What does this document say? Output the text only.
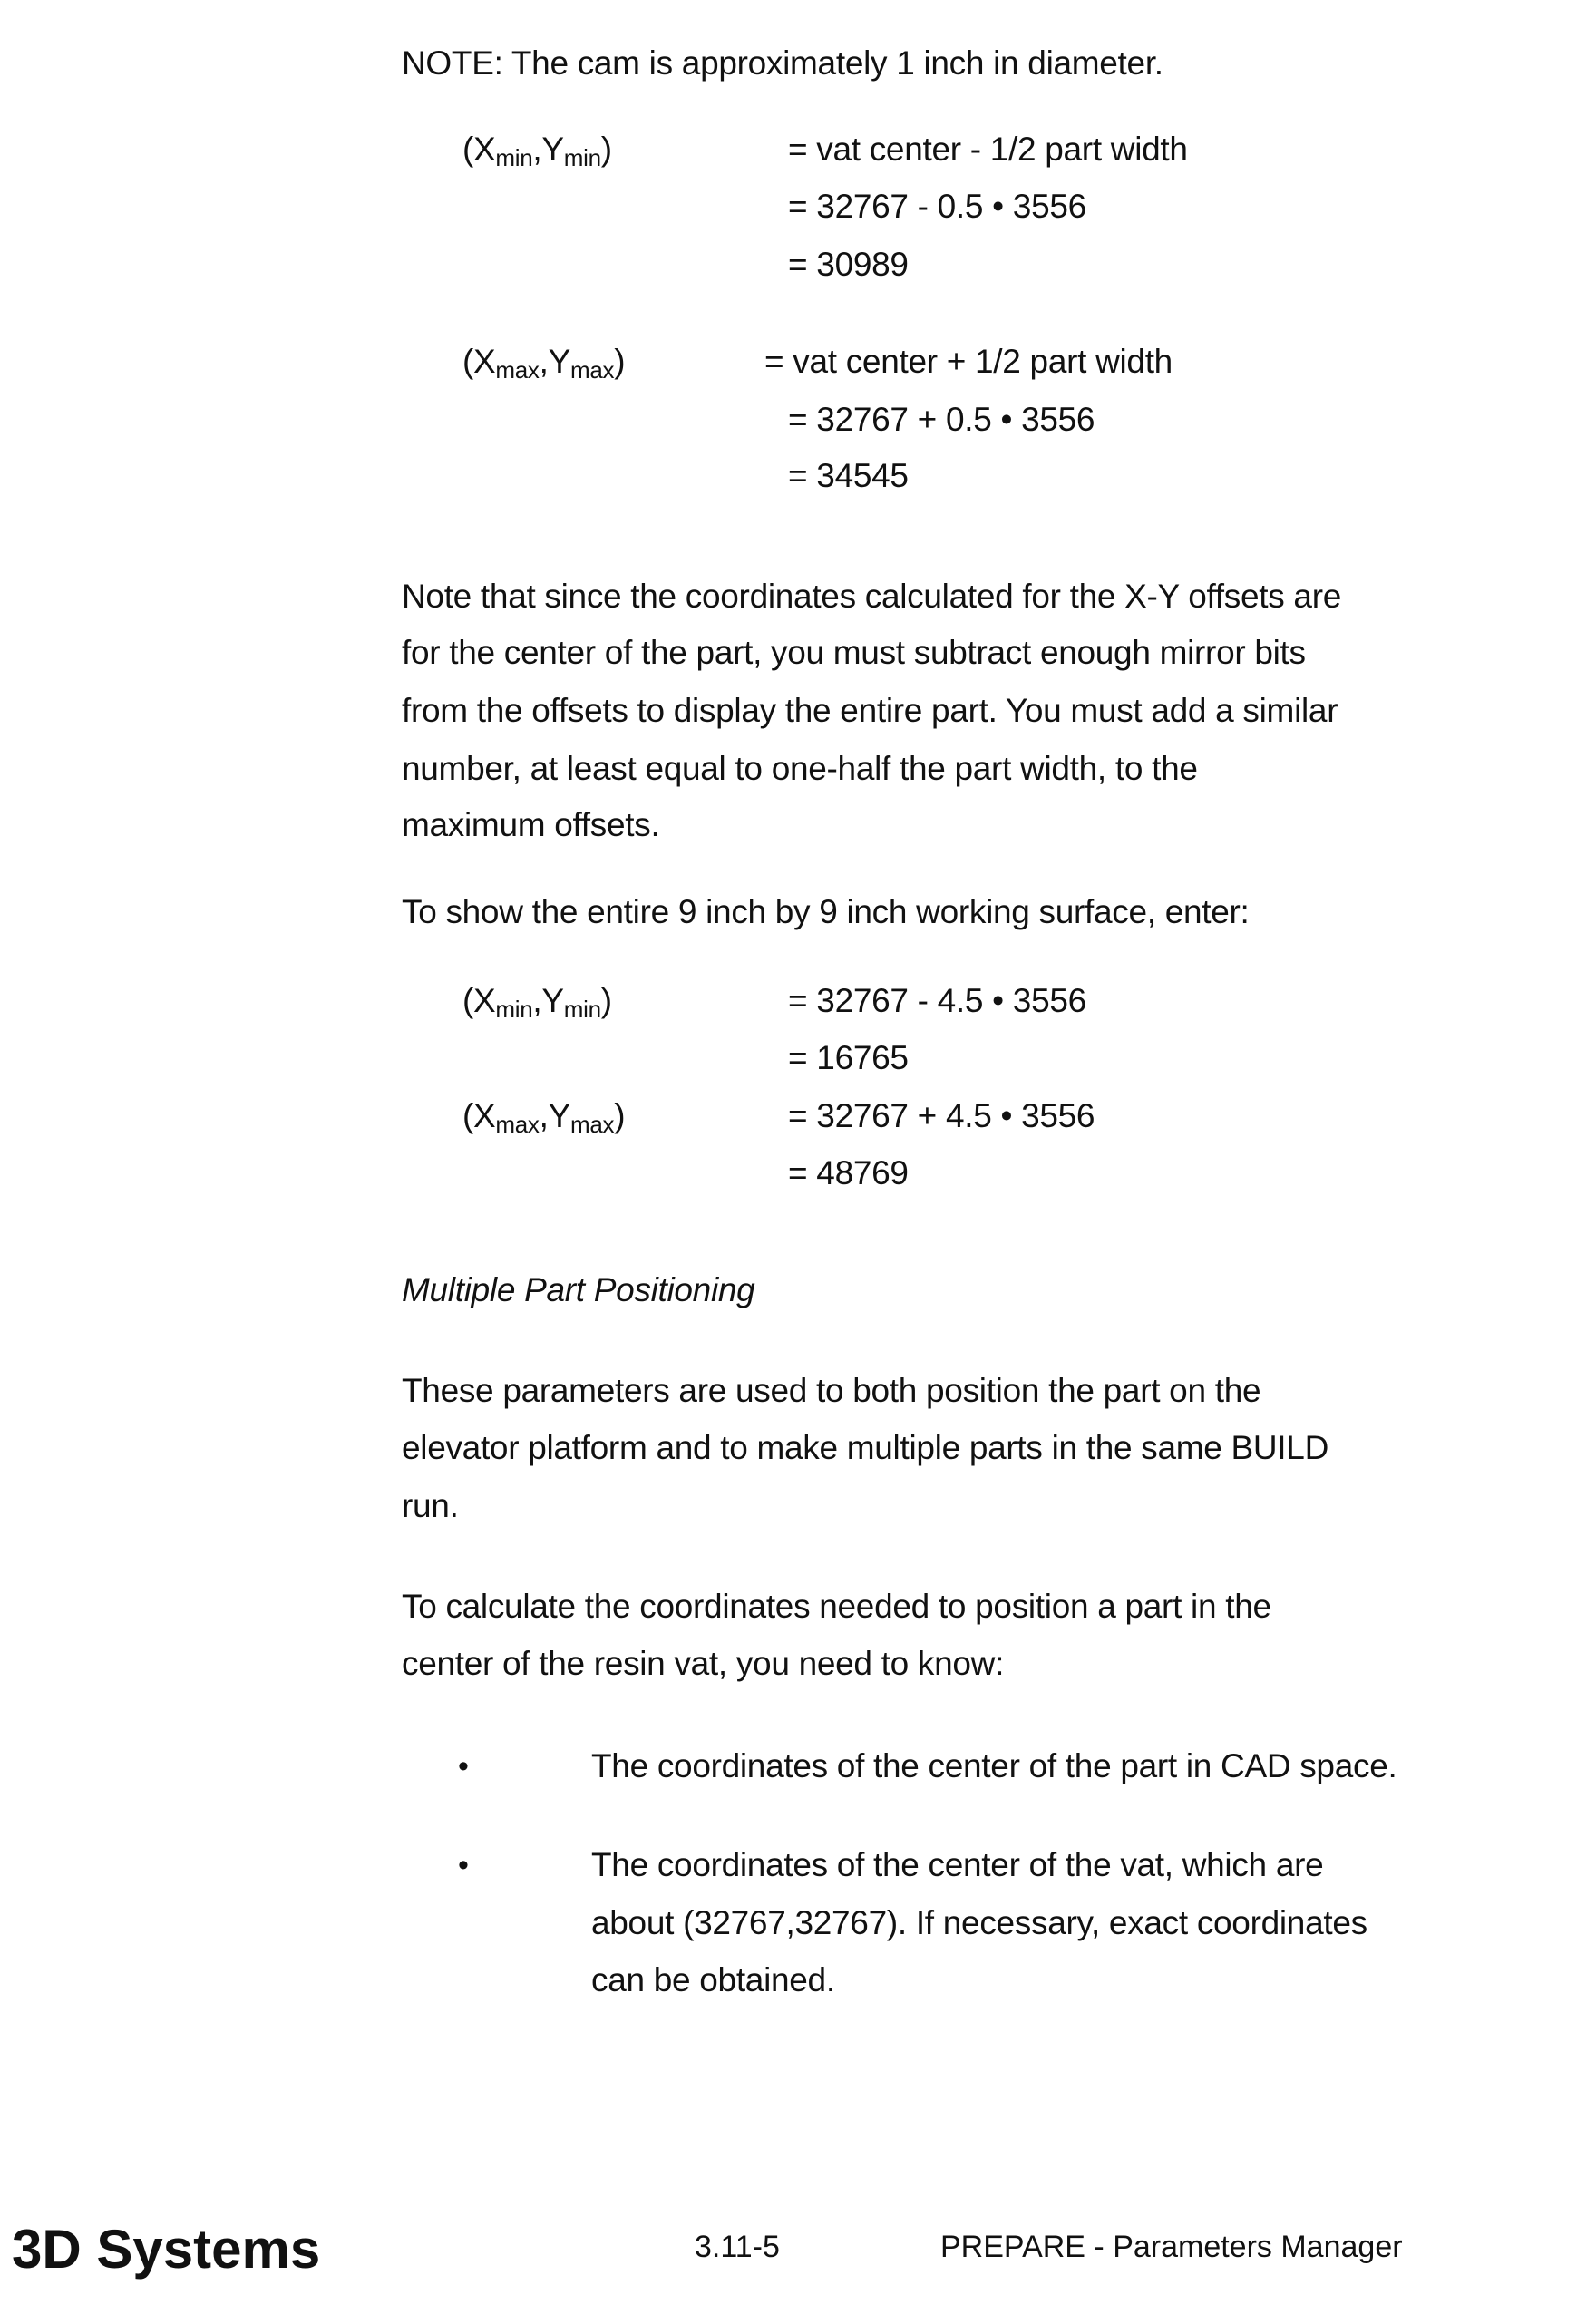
NOTE: The cam is approximately 1 inch in diameter.
(Xmin,Ymin)	= vat center - 1/2 part width
= 32767 - 0.5 • 3556
= 30989
(Xmax,Ymax)	= vat center + 1/2 part width
= 32767 + 0.5 • 3556
= 34545
Note that since the coordinates calculated for the X-Y offsets are
for the center of the part, you must subtract enough mirror bits
from the offsets to display the entire part. You must add a similar
number, at least equal to one-half the part width, to the
maximum offsets.
To show the entire 9 inch by 9 inch working surface, enter:
(Xmin,Ymin)	= 32767 - 4.5 • 3556
= 16765
(Xmax,Ymax)	= 32767 + 4.5 • 3556
= 48769
Multiple Part Positioning
These parameters are used to both position the part on the
elevator platform and to make multiple parts in the same BUILD
run.
To calculate the coordinates needed to position a part in the
center of the resin vat, you need to know:
•	The coordinates of the center of the part in CAD space.
•	The coordinates of the center of the vat, which are
about (32767,32767). If necessary, exact coordinates
can be obtained.
3D Systems	3.11-5	PREPARE - Parameters Manager
